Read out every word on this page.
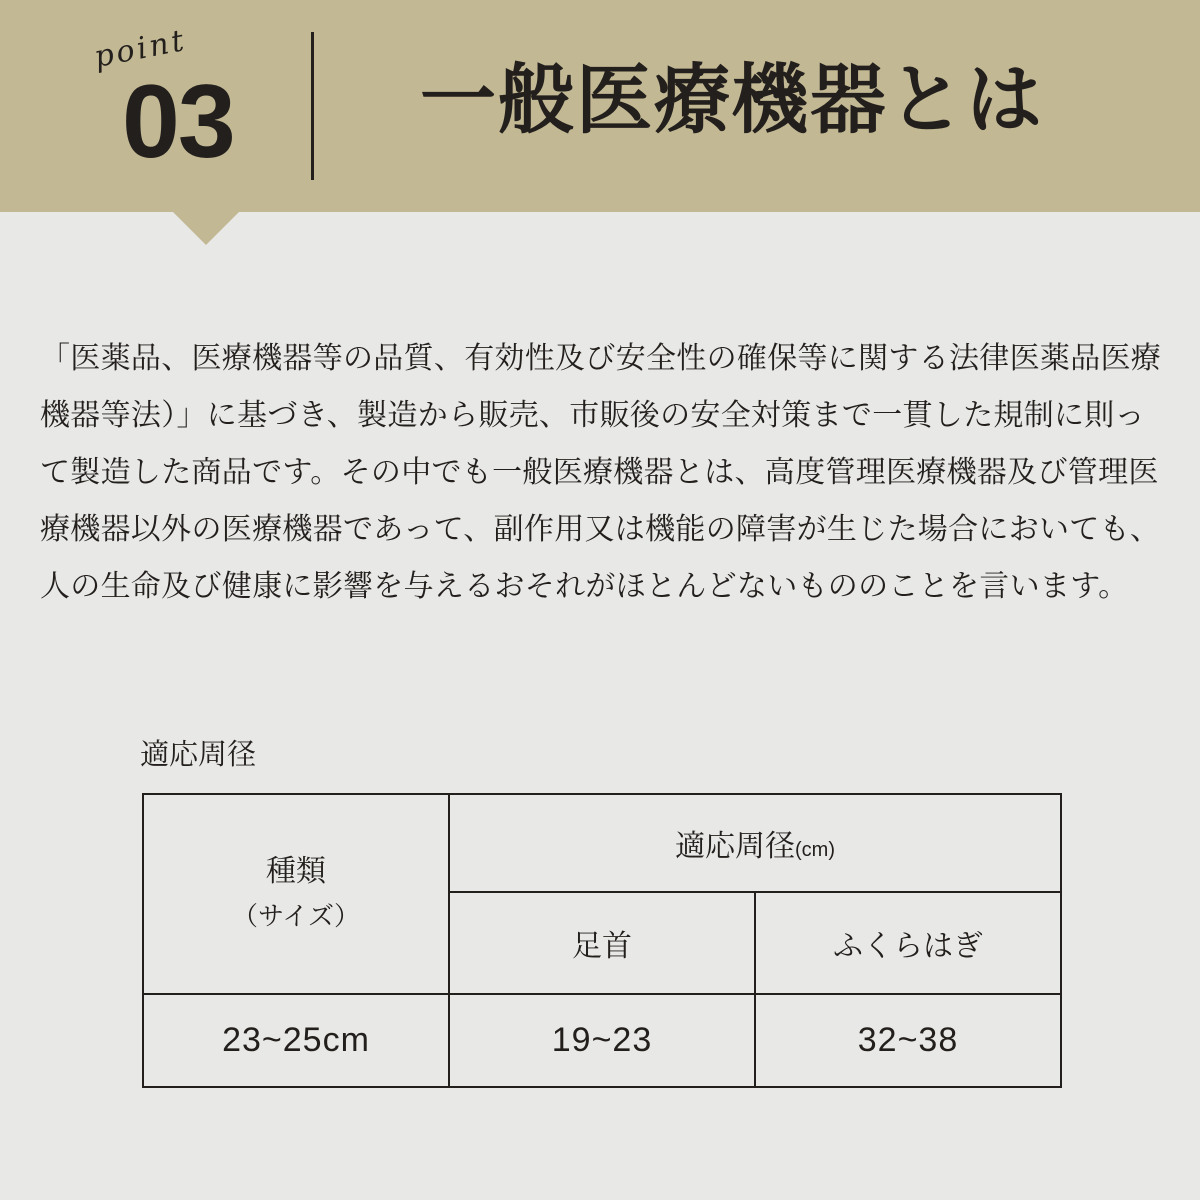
point
03 一般医療機器とは

「医薬品、医療機器等の品質、有効性及び安全性の確保等に関する法律医薬品医療機器等法）」に基づき、製造から販売、市販後の安全対策まで一貫した規制に則って製造した商品です。その中でも一般医療機器とは、高度管理医療機器及び管理医療機器以外の医療機器であって、副作用又は機能の障害が生じた場合においても、人の生命及び健康に影響を与えるおそれがほとんどないもののことを言います。

適応周径
種類
（サイズ）	適応周径(cm)	
	足首	ふくらはぎ
23~25cm	19~23	32~38
